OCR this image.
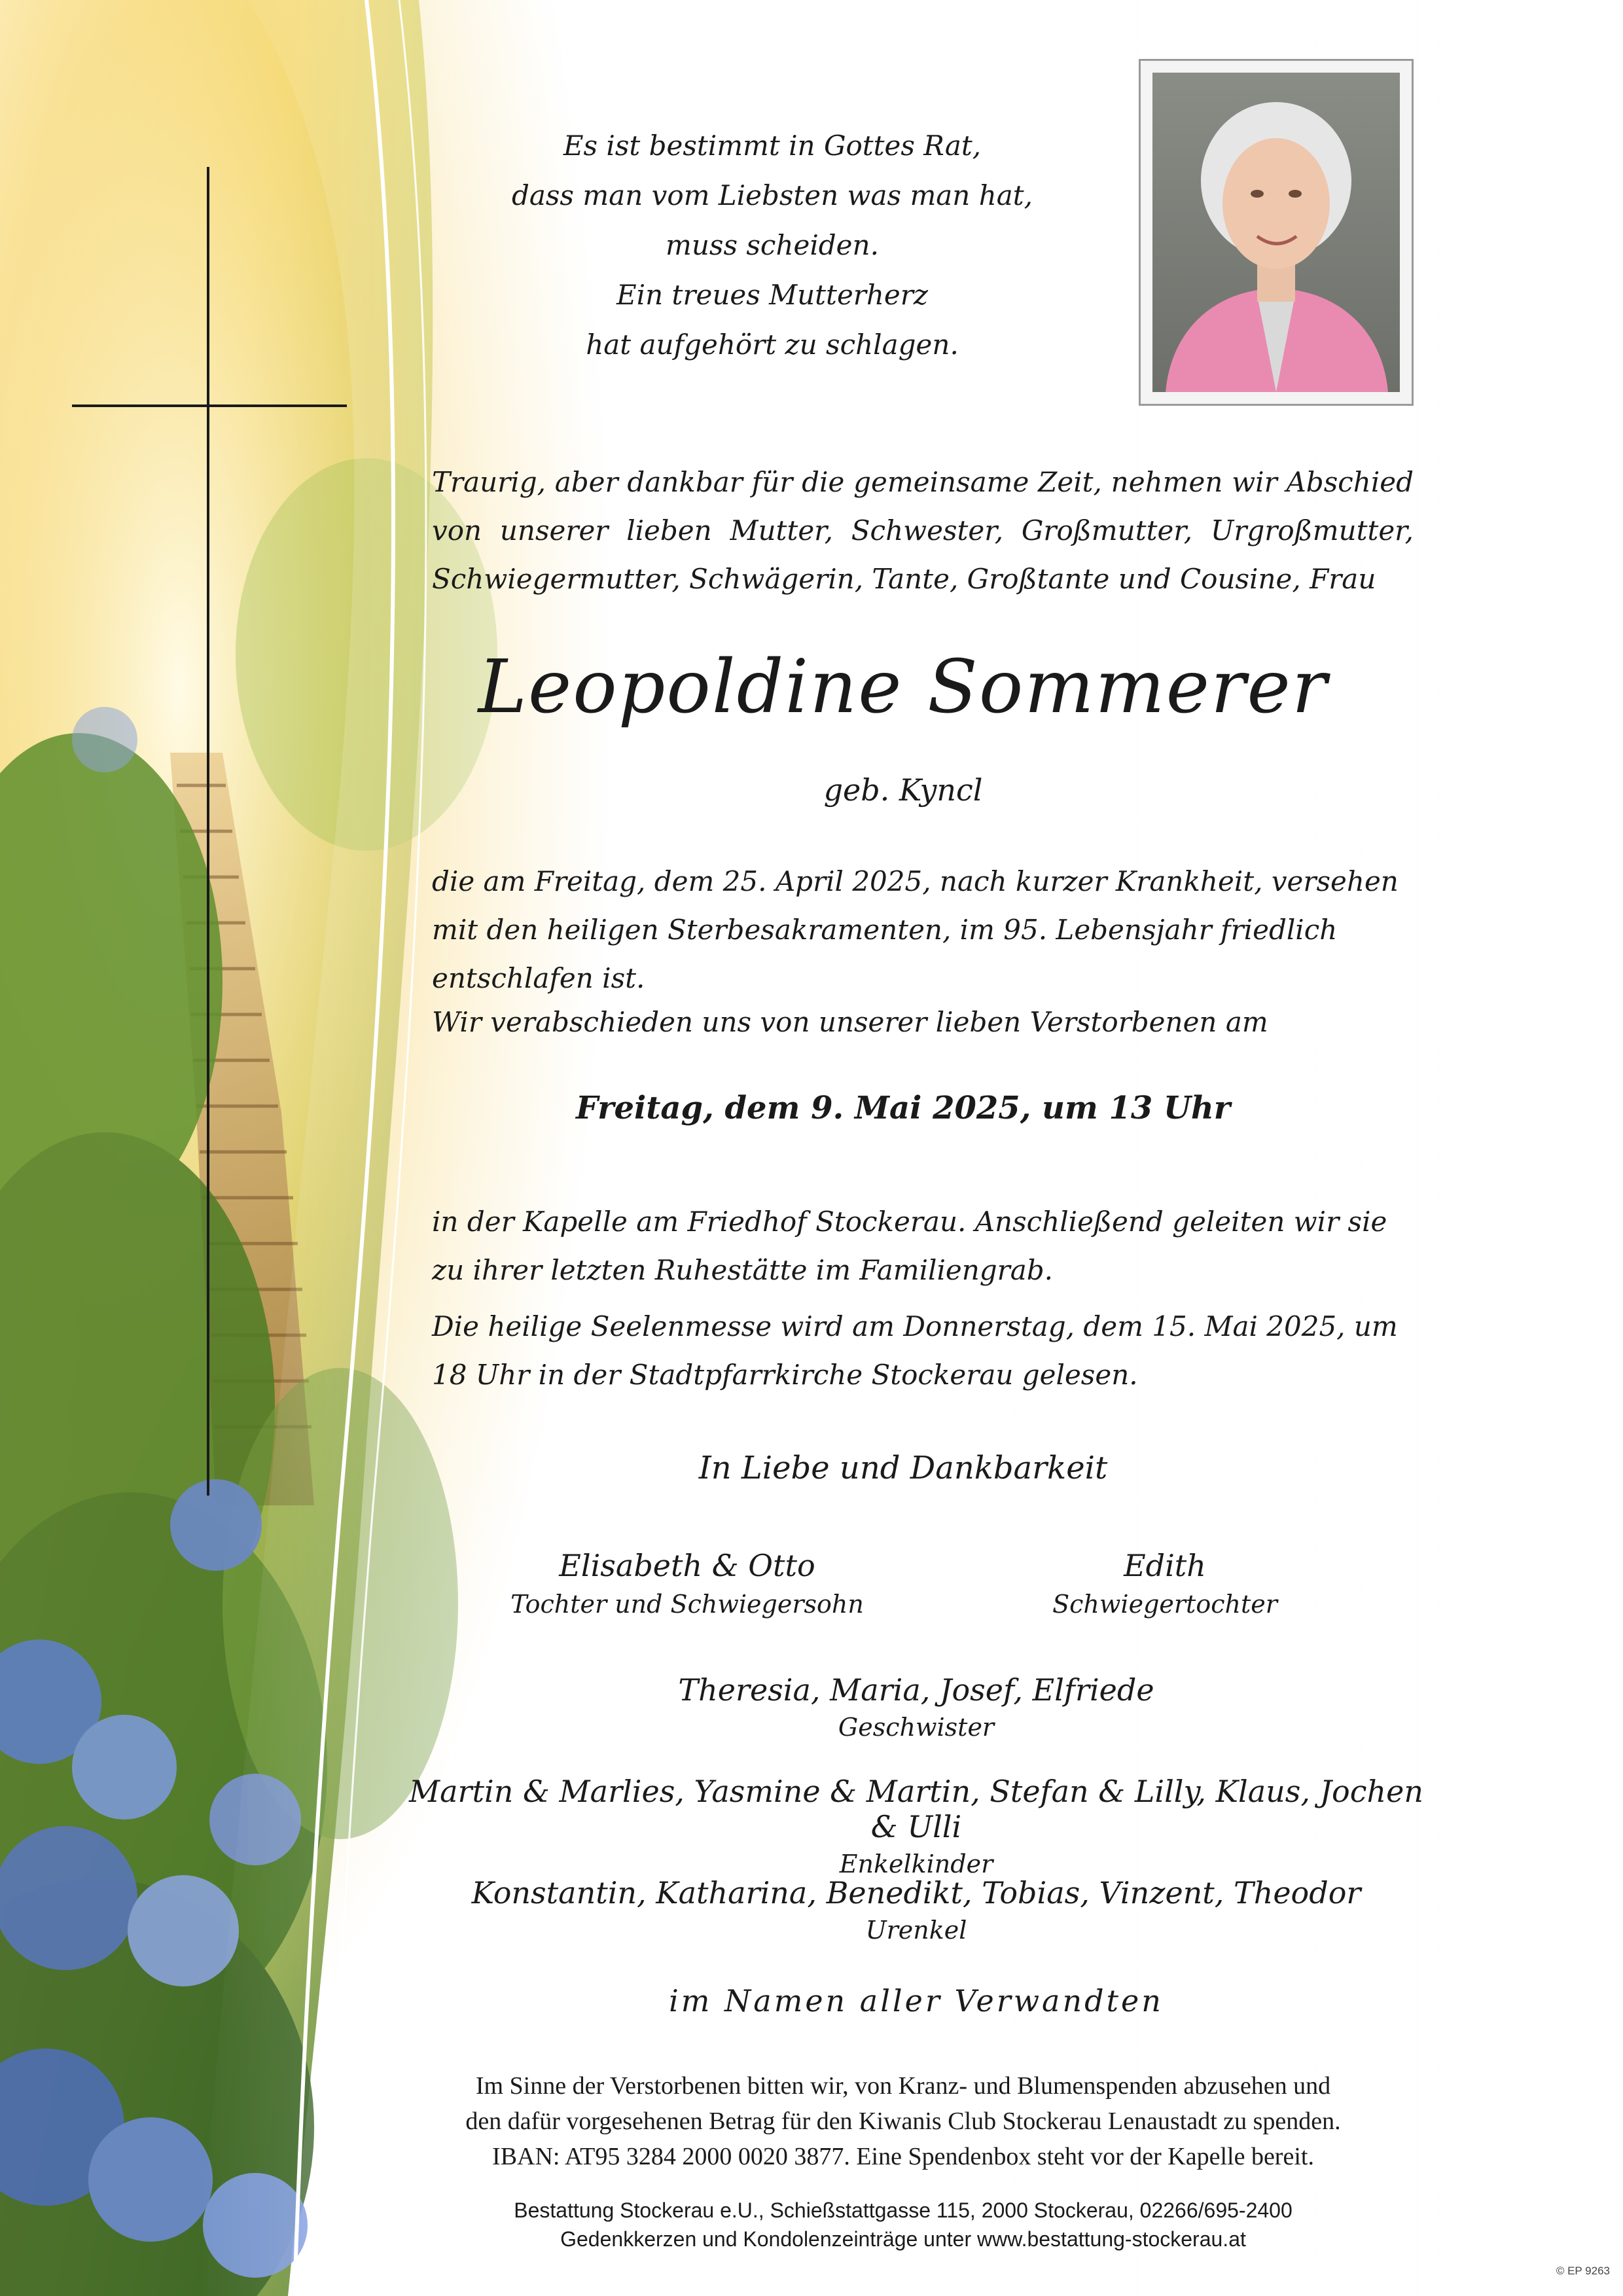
Es ist bestimmt in Gottes Rat,
dass man vom Liebsten was man hat,
muss scheiden.
Ein treues Mutterherz
hat aufgehört zu schlagen.
Traurig, aber dankbar für die gemeinsame Zeit, nehmen wir Abschied von unserer lieben Mutter, Schwester, Großmutter, Urgroßmutter, Schwiegermutter, Schwägerin, Tante, Großtante und Cousine, Frau
Leopoldine Sommerer
geb. Kyncl
die am Freitag, dem 25. April 2025, nach kurzer Krankheit, versehen mit den heiligen Sterbesakramenten, im 95. Lebensjahr friedlich entschlafen ist.
Wir verabschieden uns von unserer lieben Verstorbenen am
Freitag, dem 9. Mai 2025, um 13 Uhr
in der Kapelle am Friedhof Stockerau. Anschließend geleiten wir sie zu ihrer letzten Ruhestätte im Familiengrab.
Die heilige Seelenmesse wird am Donnerstag, dem 15. Mai 2025, um 18 Uhr in der Stadtpfarrkirche Stockerau gelesen.
In Liebe und Dankbarkeit
Elisabeth & Otto
Tochter und Schwiegersohn
Edith
Schwiegertochter
Theresia, Maria, Josef, Elfriede
Geschwister
Martin & Marlies, Yasmine & Martin, Stefan & Lilly, Klaus, Jochen & Ulli
Enkelkinder
Konstantin, Katharina, Benedikt, Tobias, Vinzent, Theodor
Urenkel
im Namen aller Verwandten
Im Sinne der Verstorbenen bitten wir, von Kranz- und Blumenspenden abzusehen und
den dafür vorgesehenen Betrag für den Kiwanis Club Stockerau Lenaustadt zu spenden.
IBAN: AT95 3284 2000 0020 3877. Eine Spendenbox steht vor der Kapelle bereit.
Bestattung Stockerau e.U., Schießstattgasse 115, 2000 Stockerau, 02266/695-2400
Gedenkkerzen und Kondolenzeinträge unter www.bestattung-stockerau.at
© EP 9263
